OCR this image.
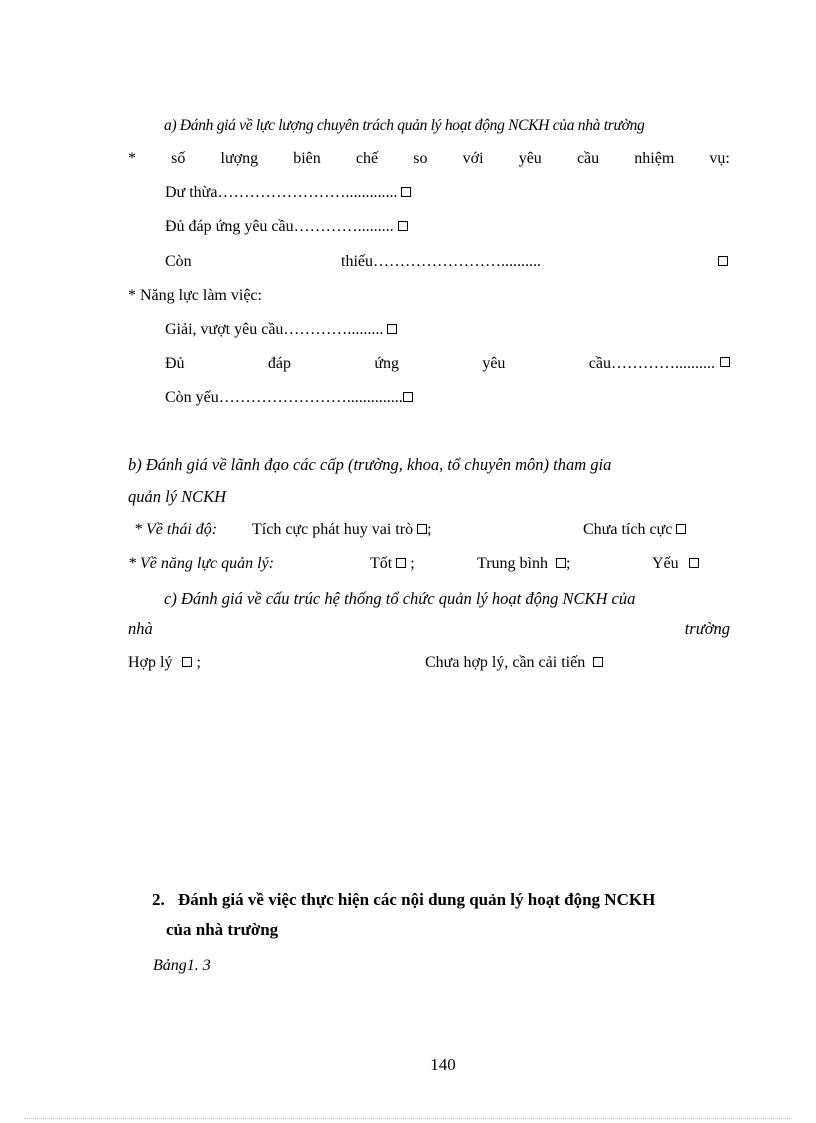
a) Đánh giá về lực lượng chuyên trách quản lý hoạt động NCKH của nhà trường
* số lượng biên chế so với yêu cầu nhiệm vụ:
Dư thừa…………………….............
Đủ đáp ứng yêu cầu………….........
Còn	thiếu……………………..........
* Năng lực làm việc:
Giải, vượt yêu cầu………….........
Đủ	đáp	ứng	yêu	cầu…………..........
Còn yếu……………………..............
b) Đánh giá về lãnh đạo các cấp (trường, khoa, tổ chuyên môn) tham gia
quản lý NCKH
* Về thái độ: Tích cực phát huy vai trò ;	Chưa tích cực
* Về năng lực quản lý:	Tốt ;	Trung bình ;	Yếu
c) Đánh giá về cấu trúc hệ thống tổ chức quản lý hoạt động NCKH của
nhà	trường
Hợp lý ;	Chưa hợp lý, cần cải tiến
2. Đánh giá về việc thực hiện các nội dung quản lý hoạt động NCKH
của nhà trường
Bảng1. 3
140
